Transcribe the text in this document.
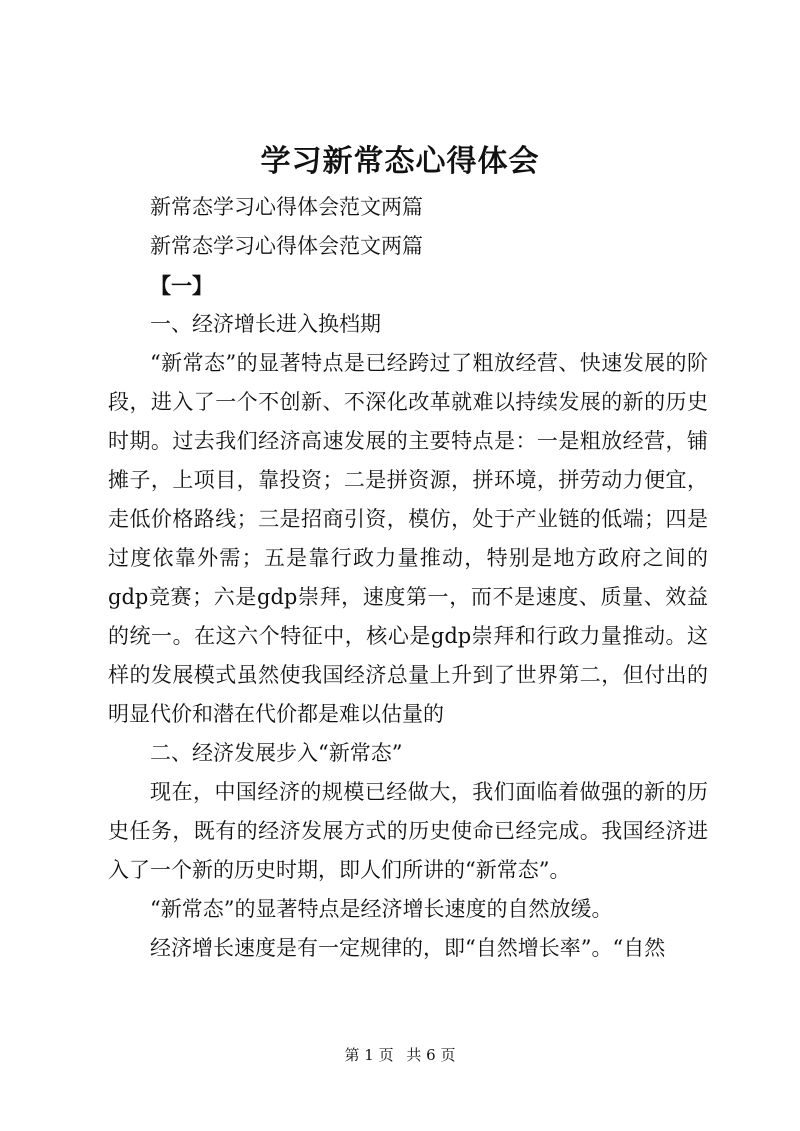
学习新常态心得体会

新常态学习心得体会范文两篇

新常态学习心得体会范文两篇

【一】

一、经济增长进入换档期

“新常态”的显著特点是已经跨过了粗放经营、快速发展的阶段，进入了一个不创新、不深化改革就难以持续发展的新的历史时期。过去我们经济高速发展的主要特点是：一是粗放经营，铺摊子，上项目，靠投资；二是拼资源，拼环境，拼劳动力便宜，走低价格路线；三是招商引资，模仿，处于产业链的低端；四是过度依靠外需；五是靠行政力量推动，特别是地方政府之间的gdp竞赛；六是gdp崇拜，速度第一，而不是速度、质量、效益的统一。在这六个特征中，核心是gdp崇拜和行政力量推动。这样的发展模式虽然使我国经济总量上升到了世界第二，但付出的明显代价和潜在代价都是难以估量的

二、经济发展步入“新常态”

现在，中国经济的规模已经做大，我们面临着做强的新的历史任务，既有的经济发展方式的历史使命已经完成。我国经济进入了一个新的历史时期，即人们所讲的“新常态”。

“新常态”的显著特点是经济增长速度的自然放缓。

经济增长速度是有一定规律的，即“自然增长率”。“自然

第 1 页 共 6 页
